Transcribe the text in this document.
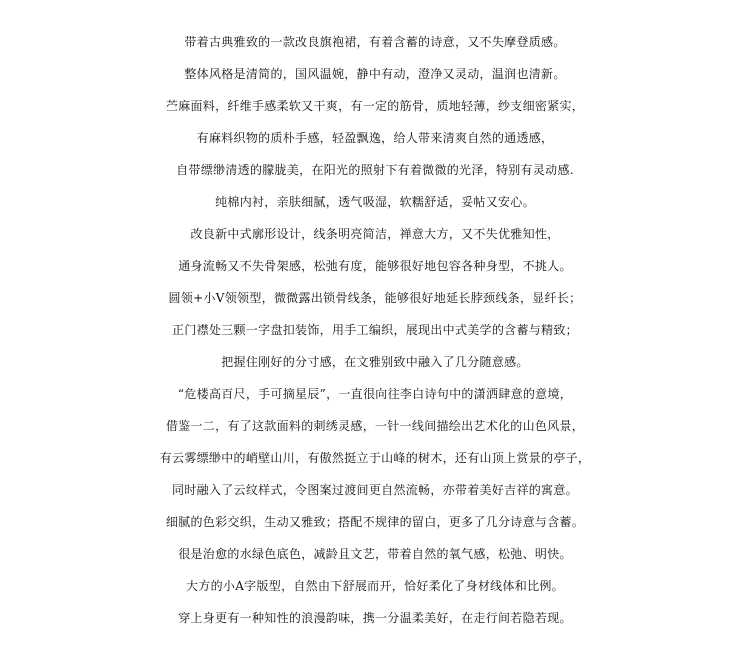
带着古典雅致的一款改良旗袍裙，有着含蓄的诗意，又不失摩登质感。

整体风格是清简的，国风温婉，静中有动，澄净又灵动，温润也清新。

苎麻面料，纤维手感柔软又干爽，有一定的筋骨，质地轻薄，纱支细密紧实，

有麻料织物的质朴手感，轻盈飘逸，给人带来清爽自然的通透感，

自带缥缈清透的朦胧美，在阳光的照射下有着微微的光泽，特别有灵动感.

纯棉内衬，亲肤细腻，透气吸湿，软糯舒适，妥帖又安心。

改良新中式廓形设计，线条明亮简洁，禅意大方，又不失优雅知性，

通身流畅又不失骨架感，松弛有度，能够很好地包容各种身型，不挑人。

圆领+小V领领型，微微露出锁骨线条，能够很好地延长脖颈线条，显纤长；

正门襟处三颗一字盘扣装饰，用手工编织，展现出中式美学的含蓄与精致；

把握住刚好的分寸感，在文雅别致中融入了几分随意感。

“危楼高百尺，手可摘星辰”，一直很向往李白诗句中的潇洒肆意的意境，

借鉴一二，有了这款面料的刺绣灵感，一针一线间描绘出艺术化的山色风景，

有云雾缥缈中的峭壁山川，有傲然挺立于山峰的树木，还有山顶上赏景的亭子，

同时融入了云纹样式，令图案过渡间更自然流畅，亦带着美好吉祥的寓意。

细腻的色彩交织，生动又雅致；搭配不规律的留白，更多了几分诗意与含蓄。

很是治愈的水绿色底色，减龄且文艺，带着自然的氧气感，松弛、明快。

大方的小A字版型，自然由下舒展而开，恰好柔化了身材线体和比例。

穿上身更有一种知性的浪漫韵味，携一分温柔美好，在走行间若隐若现。
